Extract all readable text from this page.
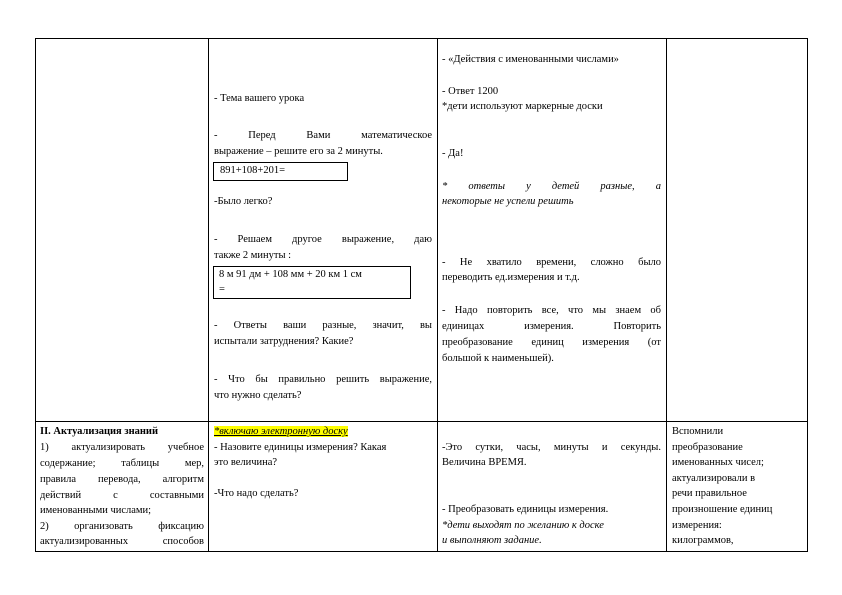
- Тема вашего урока
- Перед Вами математическое
выражение – решите его за 2 минуты.
891+108+201=
-Было легко?
- Решаем другое выражение, даю
также 2 минуты :
8 м 91 дм + 108 мм + 20 км 1 см
=
- Ответы ваши разные, значит, вы
испытали затруднения? Какие?
- Что бы правильно решить выражение,
что нужно сделать?
- «Действия с именованными числами»
- Ответ 1200
*дети используют маркерные доски
- Да!
* ответы у детей разные, а
некоторые не успели решить
- Не хватило времени, сложно было
переводить ед.измерения и т.д.
- Надо повторить все, что мы знаем об
единицах измерения. Повторить
преобразование единиц измерения (от
большой к наименьшей).
II. Актуализация знаний
1) актуализировать учебное
содержание; таблицы мер,
правила перевода, алгоритм
действий с составными
именованными числами;
2) организовать фиксацию
актуализированных способов
*включаю электронную доску
- Назовите единицы измерения? Какая
это величина?
-Что надо сделать?
-Это сутки, часы, минуты и секунды.
Величина ВРЕМЯ.
- Преобразовать единицы измерения.
*дети выходят по желанию к доске
и выполняют задание.
Вспомнили
преобразование
именованных чисел;
актуализировали в
речи правильное
произношение единиц
измерения:
килограммов,
